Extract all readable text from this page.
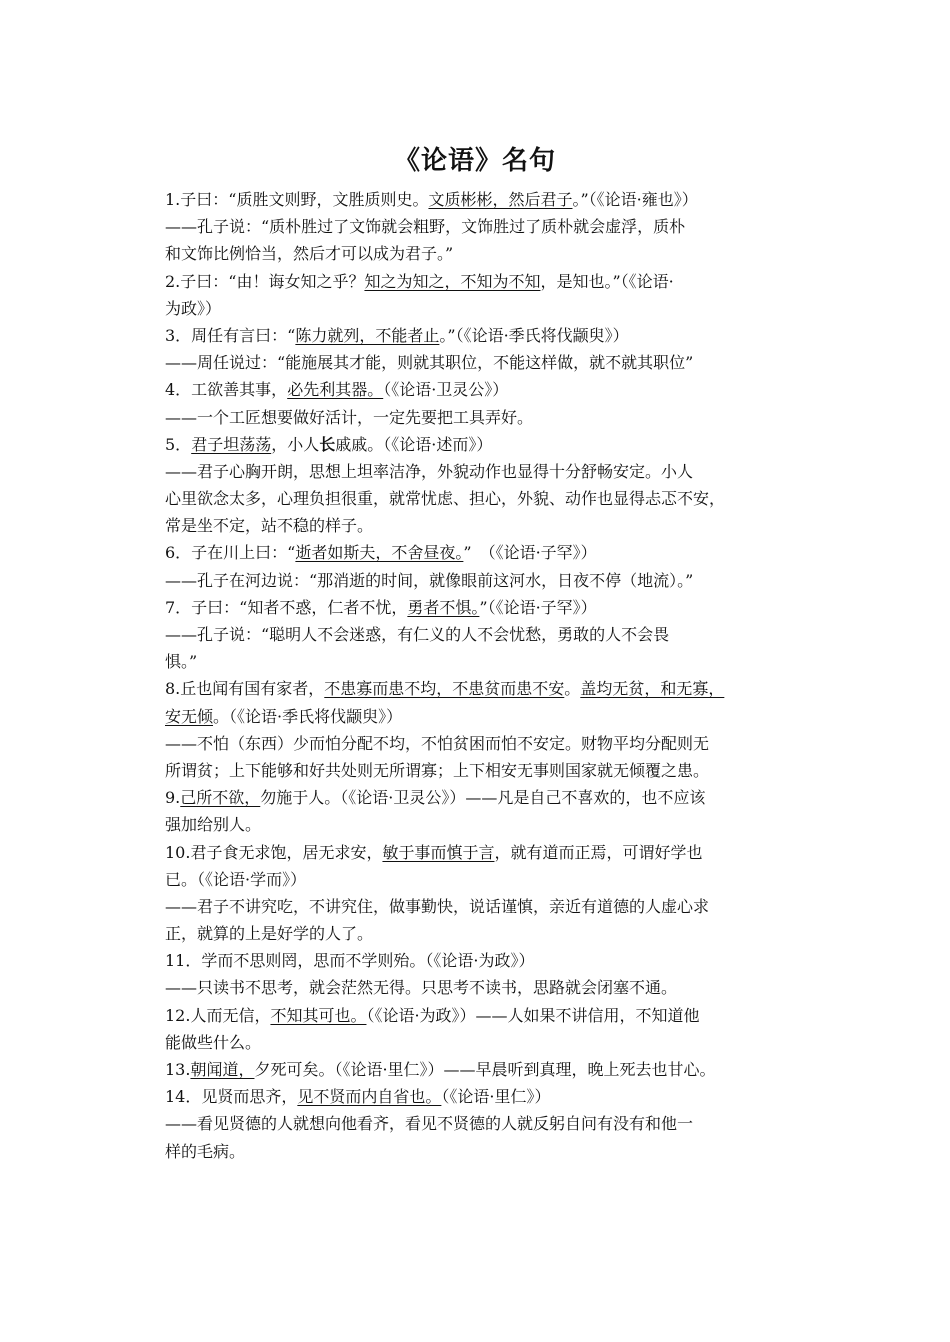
《论语》名句
1.子曰：“质胜文则野，文胜质则史。文质彬彬，然后君子。”（《论语·雍也》）
——孔子说：“质朴胜过了文饰就会粗野，文饰胜过了质朴就会虚浮，质朴
和文饰比例恰当，然后才可以成为君子。”
2.子曰：“由！诲女知之乎？知之为知之，不知为不知，是知也。”（《论语·
为政》）
3．周任有言曰：“陈力就列，不能者止。”（《论语·季氏将伐颛臾》）
——周任说过：“能施展其才能，则就其职位，不能这样做，就不就其职位”
4．工欲善其事，必先利其器。（《论语·卫灵公》）
——一个工匠想要做好活计，一定先要把工具弄好。
5．君子坦荡荡，小人长戚戚。（《论语·述而》）
——君子心胸开朗，思想上坦率洁净，外貌动作也显得十分舒畅安定。小人
心里欲念太多，心理负担很重，就常忧虑、担心，外貌、动作也显得忐忑不安，
常是坐不定，站不稳的样子。
6．子在川上曰：“逝者如斯夫，不舍昼夜。”　（《论语·子罕》）
——孔子在河边说：“那消逝的时间，就像眼前这河水，日夜不停（地流）。”
7．子曰：“知者不惑，仁者不忧，勇者不惧。”（《论语·子罕》）
——孔子说：“聪明人不会迷惑，有仁义的人不会忧愁，勇敢的人不会畏
惧。”
8.丘也闻有国有家者，不患寡而患不均，不患贫而患不安。盖均无贫，和无寡，
安无倾。（《论语·季氏将伐颛臾》）
——不怕（东西）少而怕分配不均，不怕贫困而怕不安定。财物平均分配则无
所谓贫；上下能够和好共处则无所谓寡；上下相安无事则国家就无倾覆之患。
9.己所不欲，勿施于人。（《论语·卫灵公》）——凡是自己不喜欢的，也不应该
强加给别人。
10.君子食无求饱，居无求安，敏于事而慎于言，就有道而正焉，可谓好学也
已。（《论语·学而》）
——君子不讲究吃，不讲究住，做事勤快，说话谨慎，亲近有道德的人虚心求
正，就算的上是好学的人了。
11．学而不思则罔，思而不学则殆。（《论语·为政》）
——只读书不思考，就会茫然无得。只思考不读书，思路就会闭塞不通。
12.人而无信，不知其可也。（《论语·为政》）——人如果不讲信用，不知道他
能做些什么。
13.朝闻道，夕死可矣。（《论语·里仁》）——早晨听到真理，晚上死去也甘心。
14．见贤而思齐，见不贤而内自省也。（《论语·里仁》）
——看见贤德的人就想向他看齐，看见不贤德的人就反躬自问有没有和他一
样的毛病。
